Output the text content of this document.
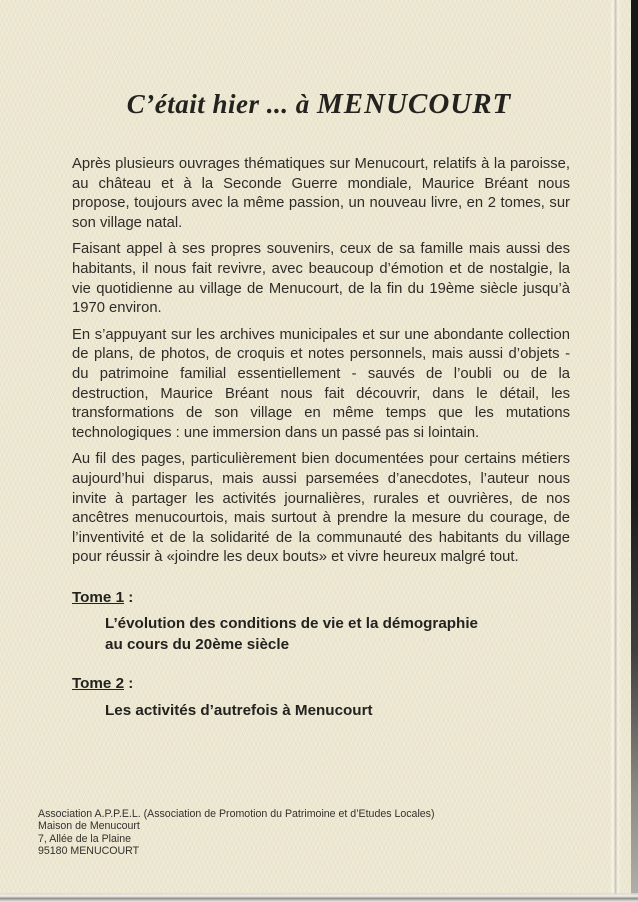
C’était hier ... à MENUCOURT

Après plusieurs ouvrages thématiques sur Menucourt, relatifs à la paroisse, au château et à la Seconde Guerre mondiale, Maurice Bréant nous propose, toujours avec la même passion, un nouveau livre, en 2 tomes, sur son village natal.

Faisant appel à ses propres souvenirs, ceux de sa famille mais aussi des habitants, il nous fait revivre, avec beaucoup d’émotion et de nostalgie, la vie quotidienne au village de Menucourt, de la fin du 19ème siècle jusqu’à 1970 environ.

En s’appuyant sur les archives municipales et sur une abondante collection de plans, de photos, de croquis et notes personnels, mais aussi d’objets - du patrimoine familial essentiellement - sauvés de l’oubli ou de la destruction, Maurice Bréant nous fait découvrir, dans le détail, les transformations de son village en même temps que les mutations technologiques : une immersion dans un passé pas si lointain.

Au fil des pages, particulièrement bien documentées pour certains métiers aujourd’hui disparus, mais aussi parsemées d’anecdotes, l’auteur nous invite à partager les activités journalières, rurales et ouvrières, de nos ancêtres menucourtois, mais surtout à prendre la mesure du courage, de l’inventivité et de la solidarité de la communauté des habitants du village pour réussir à «joindre les deux bouts» et vivre heureux malgré tout.

Tome 1 :
L’évolution des conditions de vie et la démographie
au cours du 20ème siècle
Tome 2 :
Les activités d’autrefois à Menucourt
Association A.P.P.E.L. (Association de Promotion du Patrimoine et d’Etudes Locales)
Maison de Menucourt
7, Allée de la Plaine
95180 MENUCOURT
